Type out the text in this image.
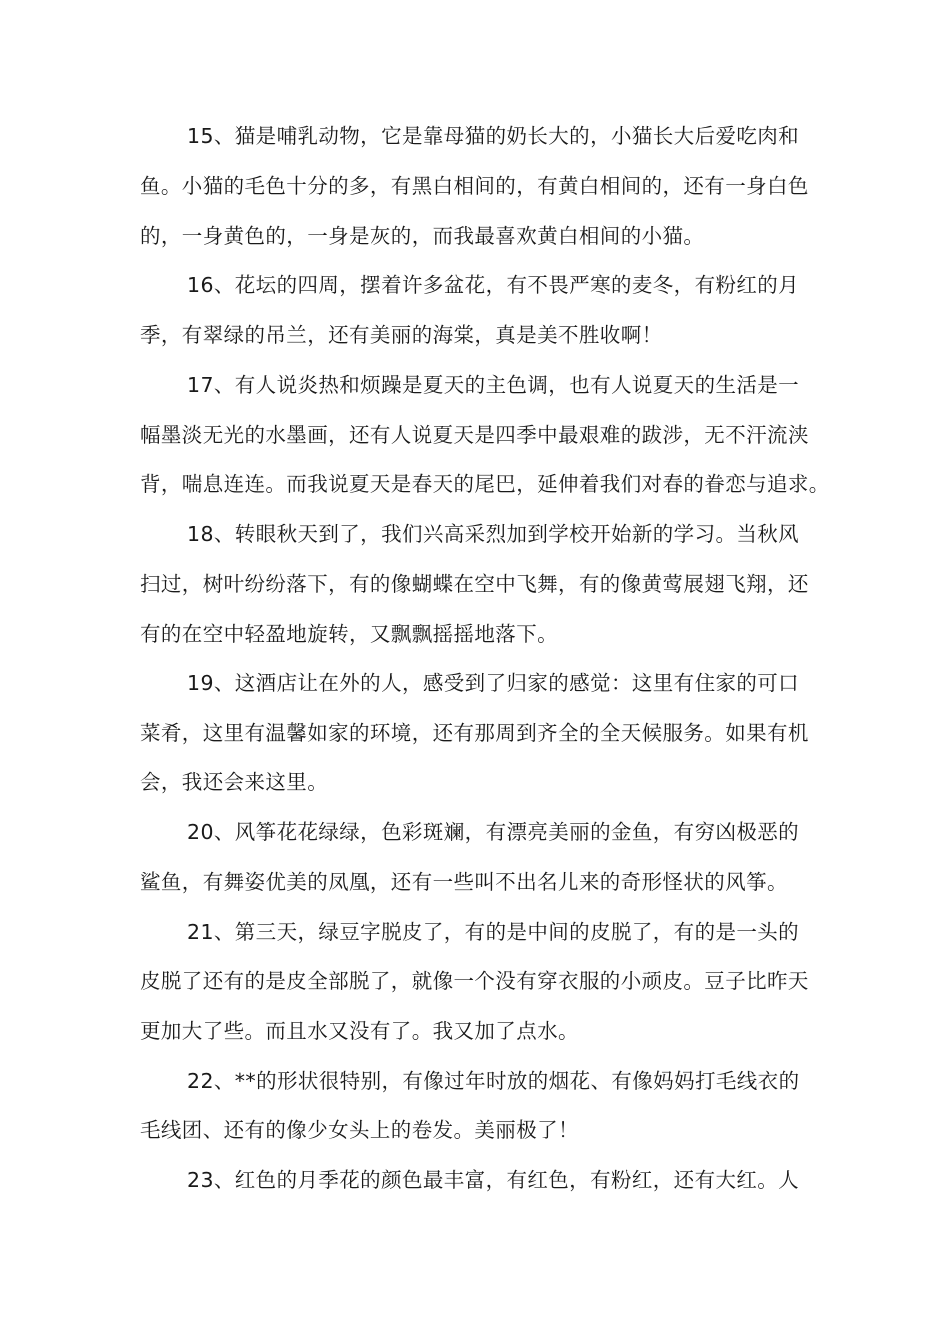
15、猫是哺乳动物，它是靠母猫的奶长大的，小猫长大后爱吃肉和
鱼。小猫的毛色十分的多，有黑白相间的，有黄白相间的，还有一身白色
的，一身黄色的，一身是灰的，而我最喜欢黄白相间的小猫。
16、花坛的四周，摆着许多盆花，有不畏严寒的麦冬，有粉红的月
季，有翠绿的吊兰，还有美丽的海棠，真是美不胜收啊！
17、有人说炎热和烦躁是夏天的主色调，也有人说夏天的生活是一
幅墨淡无光的水墨画，还有人说夏天是四季中最艰难的跋涉，无不汗流浃
背，喘息连连。而我说夏天是春天的尾巴，延伸着我们对春的眷恋与追求。
18、转眼秋天到了，我们兴高采烈加到学校开始新的学习。当秋风
扫过，树叶纷纷落下，有的像蝴蝶在空中飞舞，有的像黄莺展翅飞翔，还
有的在空中轻盈地旋转，又飘飘摇摇地落下。
19、这酒店让在外的人，感受到了归家的感觉：这里有住家的可口
菜肴，这里有温馨如家的环境，还有那周到齐全的全天候服务。如果有机
会，我还会来这里。
20、风筝花花绿绿，色彩斑斓，有漂亮美丽的金鱼，有穷凶极恶的
鲨鱼，有舞姿优美的凤凰，还有一些叫不出名儿来的奇形怪状的风筝。
21、第三天，绿豆字脱皮了，有的是中间的皮脱了，有的是一头的
皮脱了还有的是皮全部脱了，就像一个没有穿衣服的小顽皮。豆子比昨天
更加大了些。而且水又没有了。我又加了点水。
22、**的形状很特别，有像过年时放的烟花、有像妈妈打毛线衣的
毛线团、还有的像少女头上的卷发。美丽极了！
23、红色的月季花的颜色最丰富，有红色，有粉红，还有大红。人
